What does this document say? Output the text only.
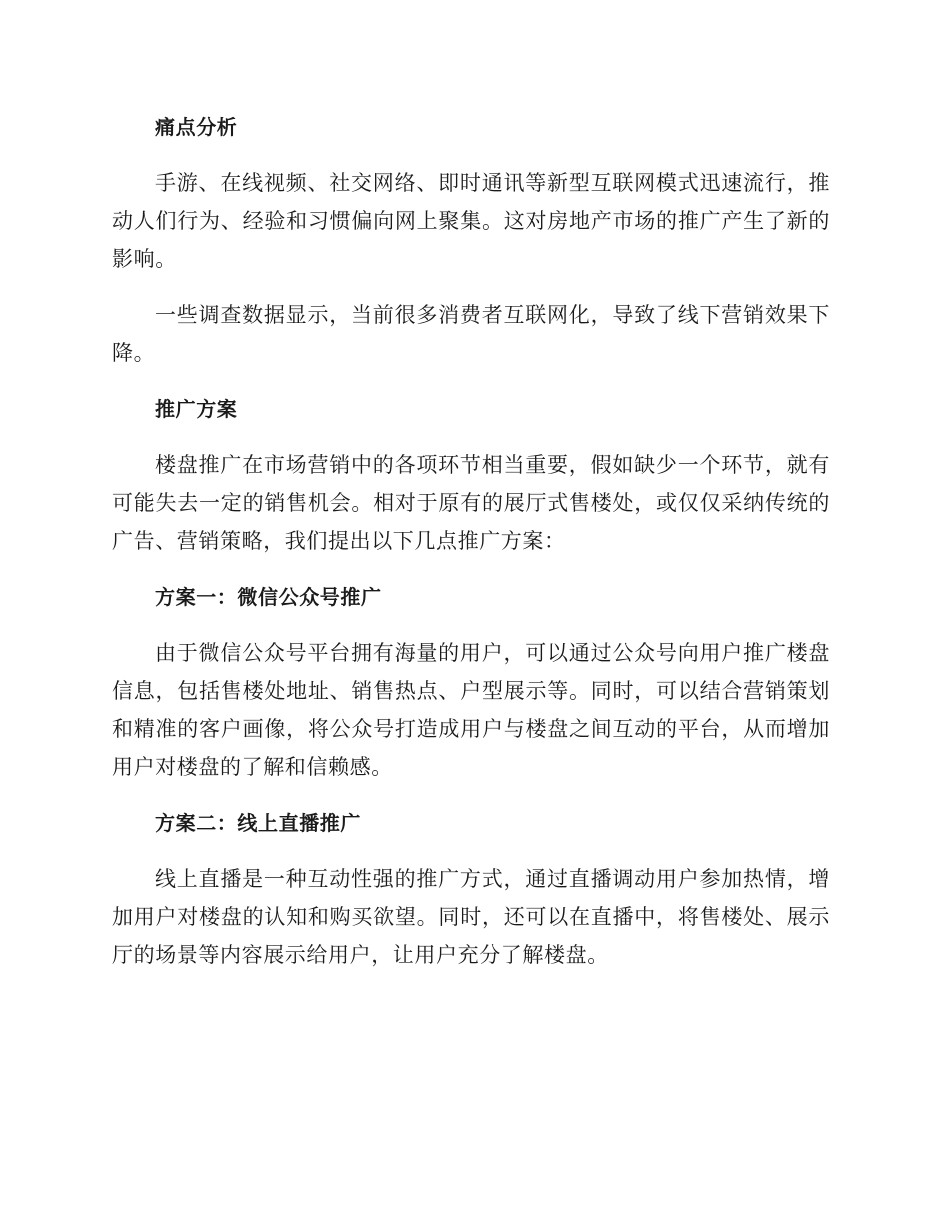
痛点分析

手游、在线视频、社交网络、即时通讯等新型互联网模式迅速流行，推动人们行为、经验和习惯偏向网上聚集。这对房地产市场的推广产生了新的影响。

一些调查数据显示，当前很多消费者互联网化，导致了线下营销效果下降。

推广方案

楼盘推广在市场营销中的各项环节相当重要，假如缺少一个环节，就有可能失去一定的销售机会。相对于原有的展厅式售楼处，或仅仅采纳传统的广告、营销策略，我们提出以下几点推广方案：

方案一：微信公众号推广

由于微信公众号平台拥有海量的用户，可以通过公众号向用户推广楼盘信息，包括售楼处地址、销售热点、户型展示等。同时，可以结合营销策划和精准的客户画像，将公众号打造成用户与楼盘之间互动的平台，从而增加用户对楼盘的了解和信赖感。

方案二：线上直播推广

线上直播是一种互动性强的推广方式，通过直播调动用户参加热情，增加用户对楼盘的认知和购买欲望。同时，还可以在直播中，将售楼处、展示厅的场景等内容展示给用户，让用户充分了解楼盘。
